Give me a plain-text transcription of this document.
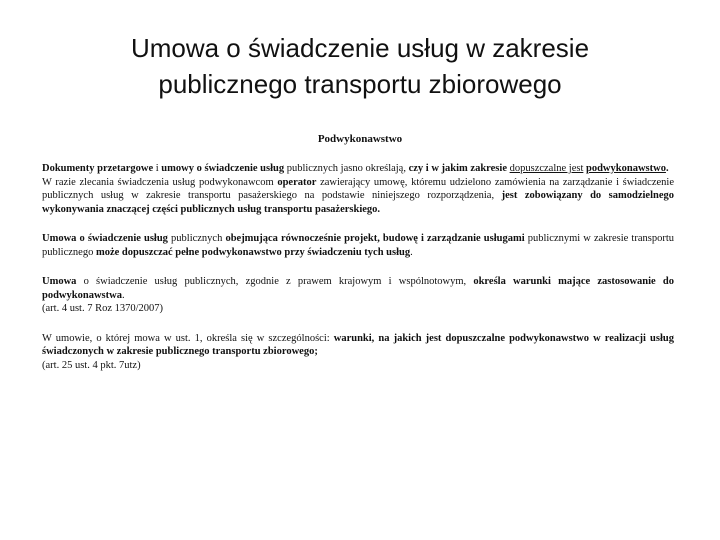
Umowa o świadczenie usług w zakresie
publicznego transportu zbiorowego
Podwykonawstwo

Dokumenty przetargowe i umowy o świadczenie usług publicznych jasno określają, czy i w jakim zakresie dopuszczalne jest podwykonawstwo.
W razie zlecania świadczenia usług podwykonawcom operator zawierający umowę, któremu udzielono zamówienia na zarządzanie i świadczenie publicznych usług w zakresie transportu pasażerskiego na podstawie niniejszego rozporządzenia, jest zobowiązany do samodzielnego wykonywania znaczącej części publicznych usług transportu pasażerskiego.

Umowa o świadczenie usług publicznych obejmująca równocześnie projekt, budowę i zarządzanie usługami publicznymi w zakresie transportu publicznego może dopuszczać pełne podwykonawstwo przy świadczeniu tych usług.

Umowa o świadczenie usług publicznych, zgodnie z prawem krajowym i wspólnotowym, określa warunki mające zastosowanie do podwykonawstwa.
(art. 4 ust. 7 Roz 1370/2007)

W umowie, o której mowa w ust. 1, określa się w szczególności: warunki, na jakich jest dopuszczalne podwykonawstwo w realizacji usług świadczonych w zakresie publicznego transportu zbiorowego;
(art. 25 ust. 4 pkt. 7utz)
